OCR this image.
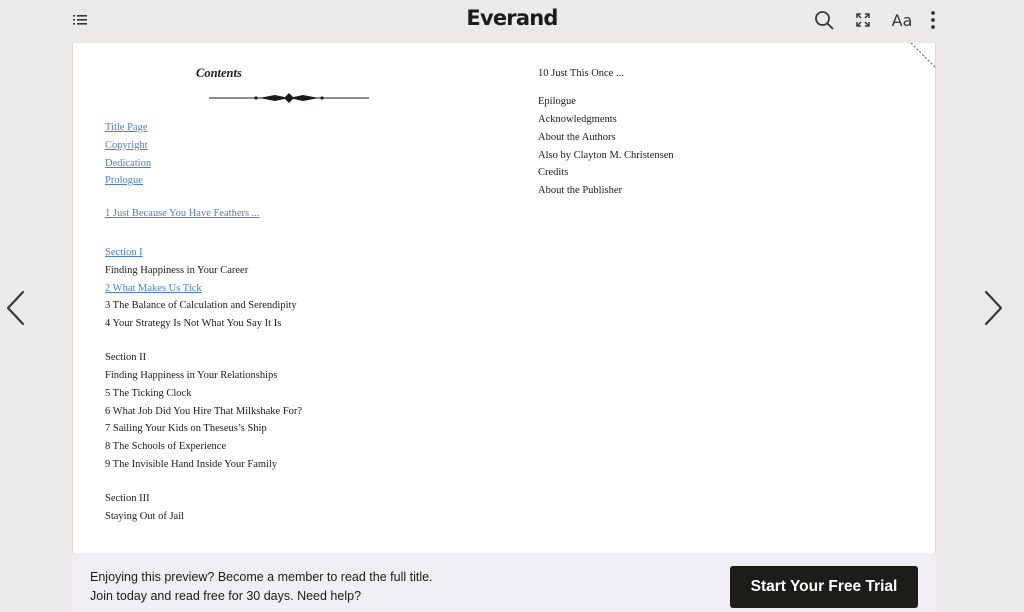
Everand	Aa
Contents
Title Page
Copyright
Dedication
Prologue
1 Just Because You Have Feathers ...
Section I
Finding Happiness in Your Career
2 What Makes Us Tick
3 The Balance of Calculation and Serendipity
4 Your Strategy Is Not What You Say It Is
Section II
Finding Happiness in Your Relationships
5 The Ticking Clock
6 What Job Did You Hire That Milkshake For?
7 Sailing Your Kids on Theseus’s Ship
8 The Schools of Experience
9 The Invisible Hand Inside Your Family
Section III
Staying Out of Jail
10 Just This Once ...
Epilogue
Acknowledgments
About the Authors
Also by Clayton M. Christensen
Credits
About the Publisher
Enjoying this preview? Become a member to read the full title.
Join today and read free for 30 days. Need help?
Start Your Free Trial
